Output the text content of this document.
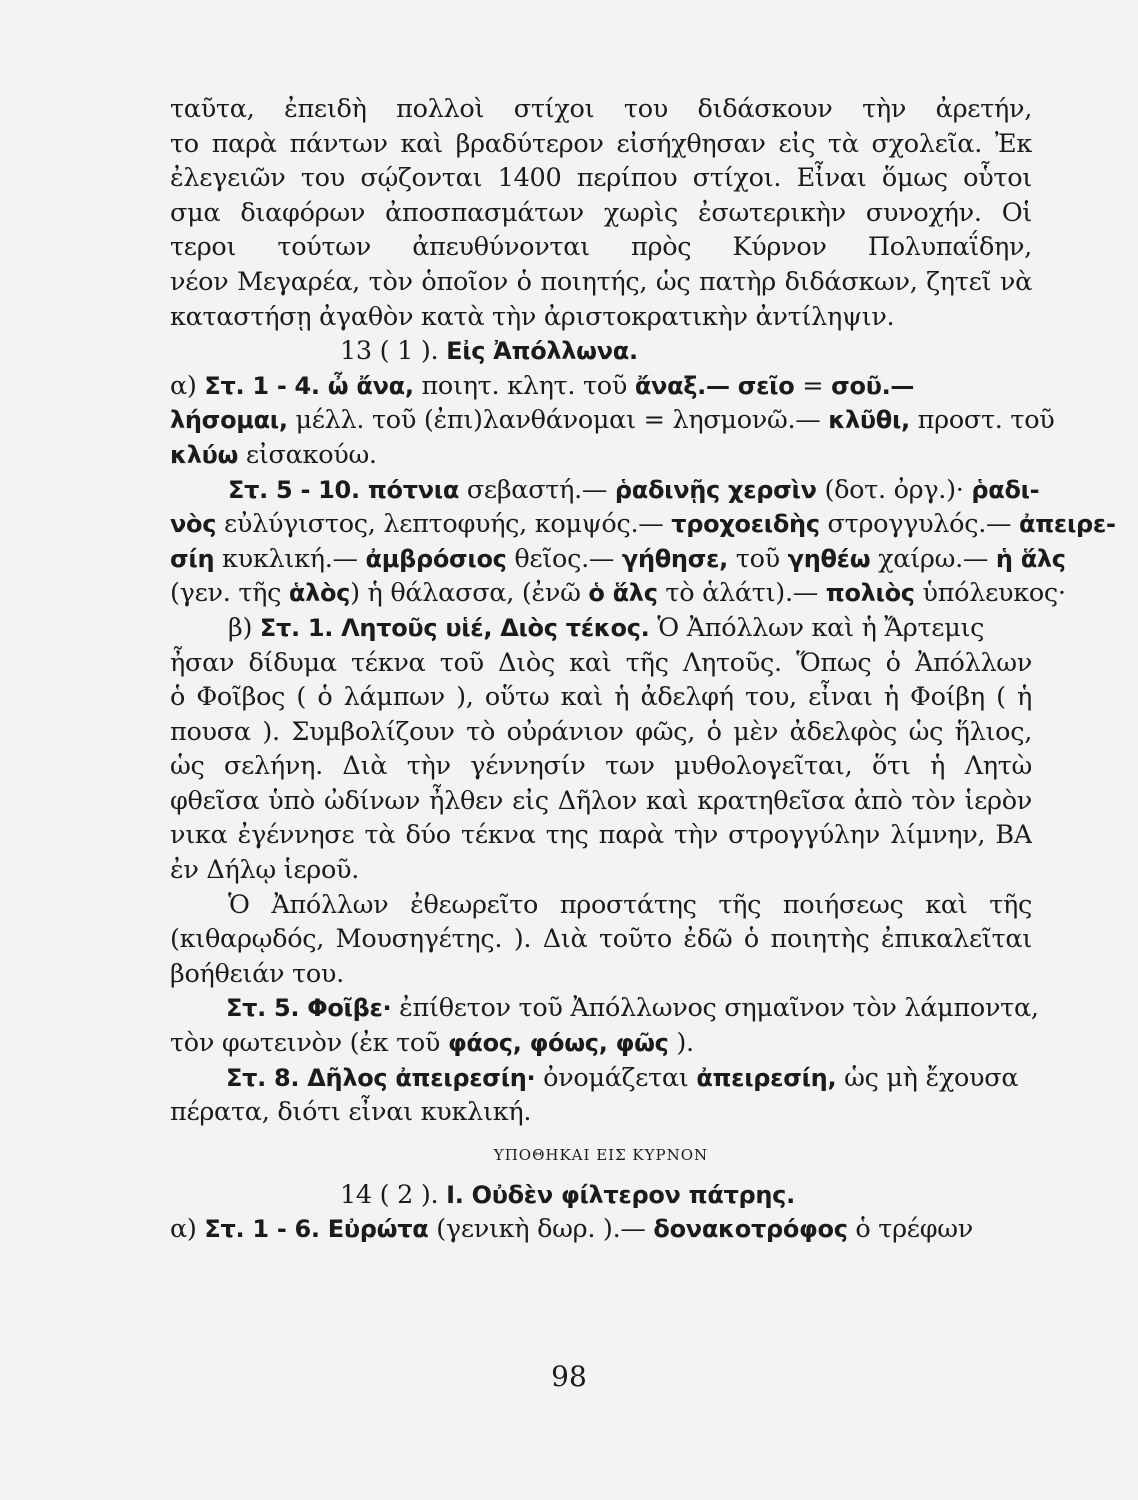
ταῦτα, ἐπειδὴ πολλοὶ στίχοι του διδάσκουν τὴν ἀρετήν,
το παρὰ πάντων καὶ βραδύτερον εἰσήχθησαν εἰς τὰ σχολεῖα. Ἐκ
ἐλεγειῶν του σῴζονται 1400 περίπου στίχοι. Εἶναι ὅμως οὗτοι
σμα διαφόρων ἀποσπασμάτων χωρὶς ἐσωτερικὴν συνοχήν. Οἱ
τεροι τούτων ἀπευθύνονται πρὸς Κύρνον Πολυπαΐδην,
νέον Μεγαρέα, τὸν ὁποῖον ὁ ποιητής, ὡς πατὴρ διδάσκων, ζητεῖ νὰ
καταστήσῃ ἀγαθὸν κατὰ τὴν ἀριστοκρατικὴν ἀντίληψιν.
13 ( 1 ). Εἰς Ἀπόλλωνα.
α) Στ. 1 - 4. ὦ ἄνα, ποιητ. κλητ. τοῦ ἄναξ.— σεῖο = σοῦ.—
λήσομαι, μέλλ. τοῦ (ἐπι)λανθάνομαι = λησμονῶ.— κλῦθι, προστ. τοῦ
κλύω εἰσακούω.
Στ. 5 - 10. πότνια σεβαστή.— ῥαδινῇς χερσὶν (δοτ. ὀργ.)· ῥαδι-
νὸς εὐλύγιστος, λεπτοφυής, κομψός.— τροχοειδὴς στρογγυλός.— ἀπειρε-
σίη κυκλική.— ἀμβρόσιος θεῖος.— γήθησε, τοῦ γηθέω χαίρω.— ἡ ἅλς
(γεν. τῆς ἁλὸς) ἡ θάλασσα, (ἐνῶ ὁ ἅλς τὸ ἁλάτι).— πολιὸς ὑπόλευκος·
β) Στ. 1. Λητοῦς υἱέ, Διὸς τέκος. Ὁ Ἀπόλλων καὶ ἡ Ἄρτεμις
ἦσαν δίδυμα τέκνα τοῦ Διὸς καὶ τῆς Λητοῦς. Ὅπως ὁ Ἀπόλλων
ὁ Φοῖβος ( ὁ λάμπων ), οὕτω καὶ ἡ ἀδελφή του, εἶναι ἡ Φοίβη ( ἡ
πουσα ). Συμβολίζουν τὸ οὐράνιον φῶς, ὁ μὲν ἀδελφὸς ὡς ἥλιος,
ὡς σελήνη. Διὰ τὴν γέννησίν των μυθολογεῖται, ὅτι ἡ Λητὼ
φθεῖσα ὑπὸ ὠδίνων ἦλθεν εἰς Δῆλον καὶ κρατηθεῖσα ἀπὸ τὸν ἱερὸν
νικα ἐγέννησε τὰ δύο τέκνα της παρὰ τὴν στρογγύλην λίμνην, ΒΑ
ἐν Δήλῳ ἱεροῦ.
Ὁ Ἀπόλλων ἐθεωρεῖτο προστάτης τῆς ποιήσεως καὶ τῆς
(κιθαρῳδός, Μουσηγέτης. ). Διὰ τοῦτο ἐδῶ ὁ ποιητὴς ἐπικαλεῖται
βοήθειάν του.
Στ. 5. Φοῖβε· ἐπίθετον τοῦ Ἀπόλλωνος σημαῖνον τὸν λάμποντα,
τὸν φωτεινὸν (ἐκ τοῦ φάος, φόως, φῶς ).
Στ. 8. Δῆλος ἀπειρεσίη· ὀνομάζεται ἀπειρεσίη, ὡς μὴ ἔχουσα
πέρατα, διότι εἶναι κυκλική.
ΥΠΟΘΗΚΑΙ ΕΙΣ ΚΥΡΝΟΝ
14 ( 2 ). Ι. Οὐδὲν φίλτερον πάτρης.
α) Στ. 1 - 6. Εὐρώτα (γενικὴ δωρ. ).— δονακοτρόφος ὁ τρέφων
98
